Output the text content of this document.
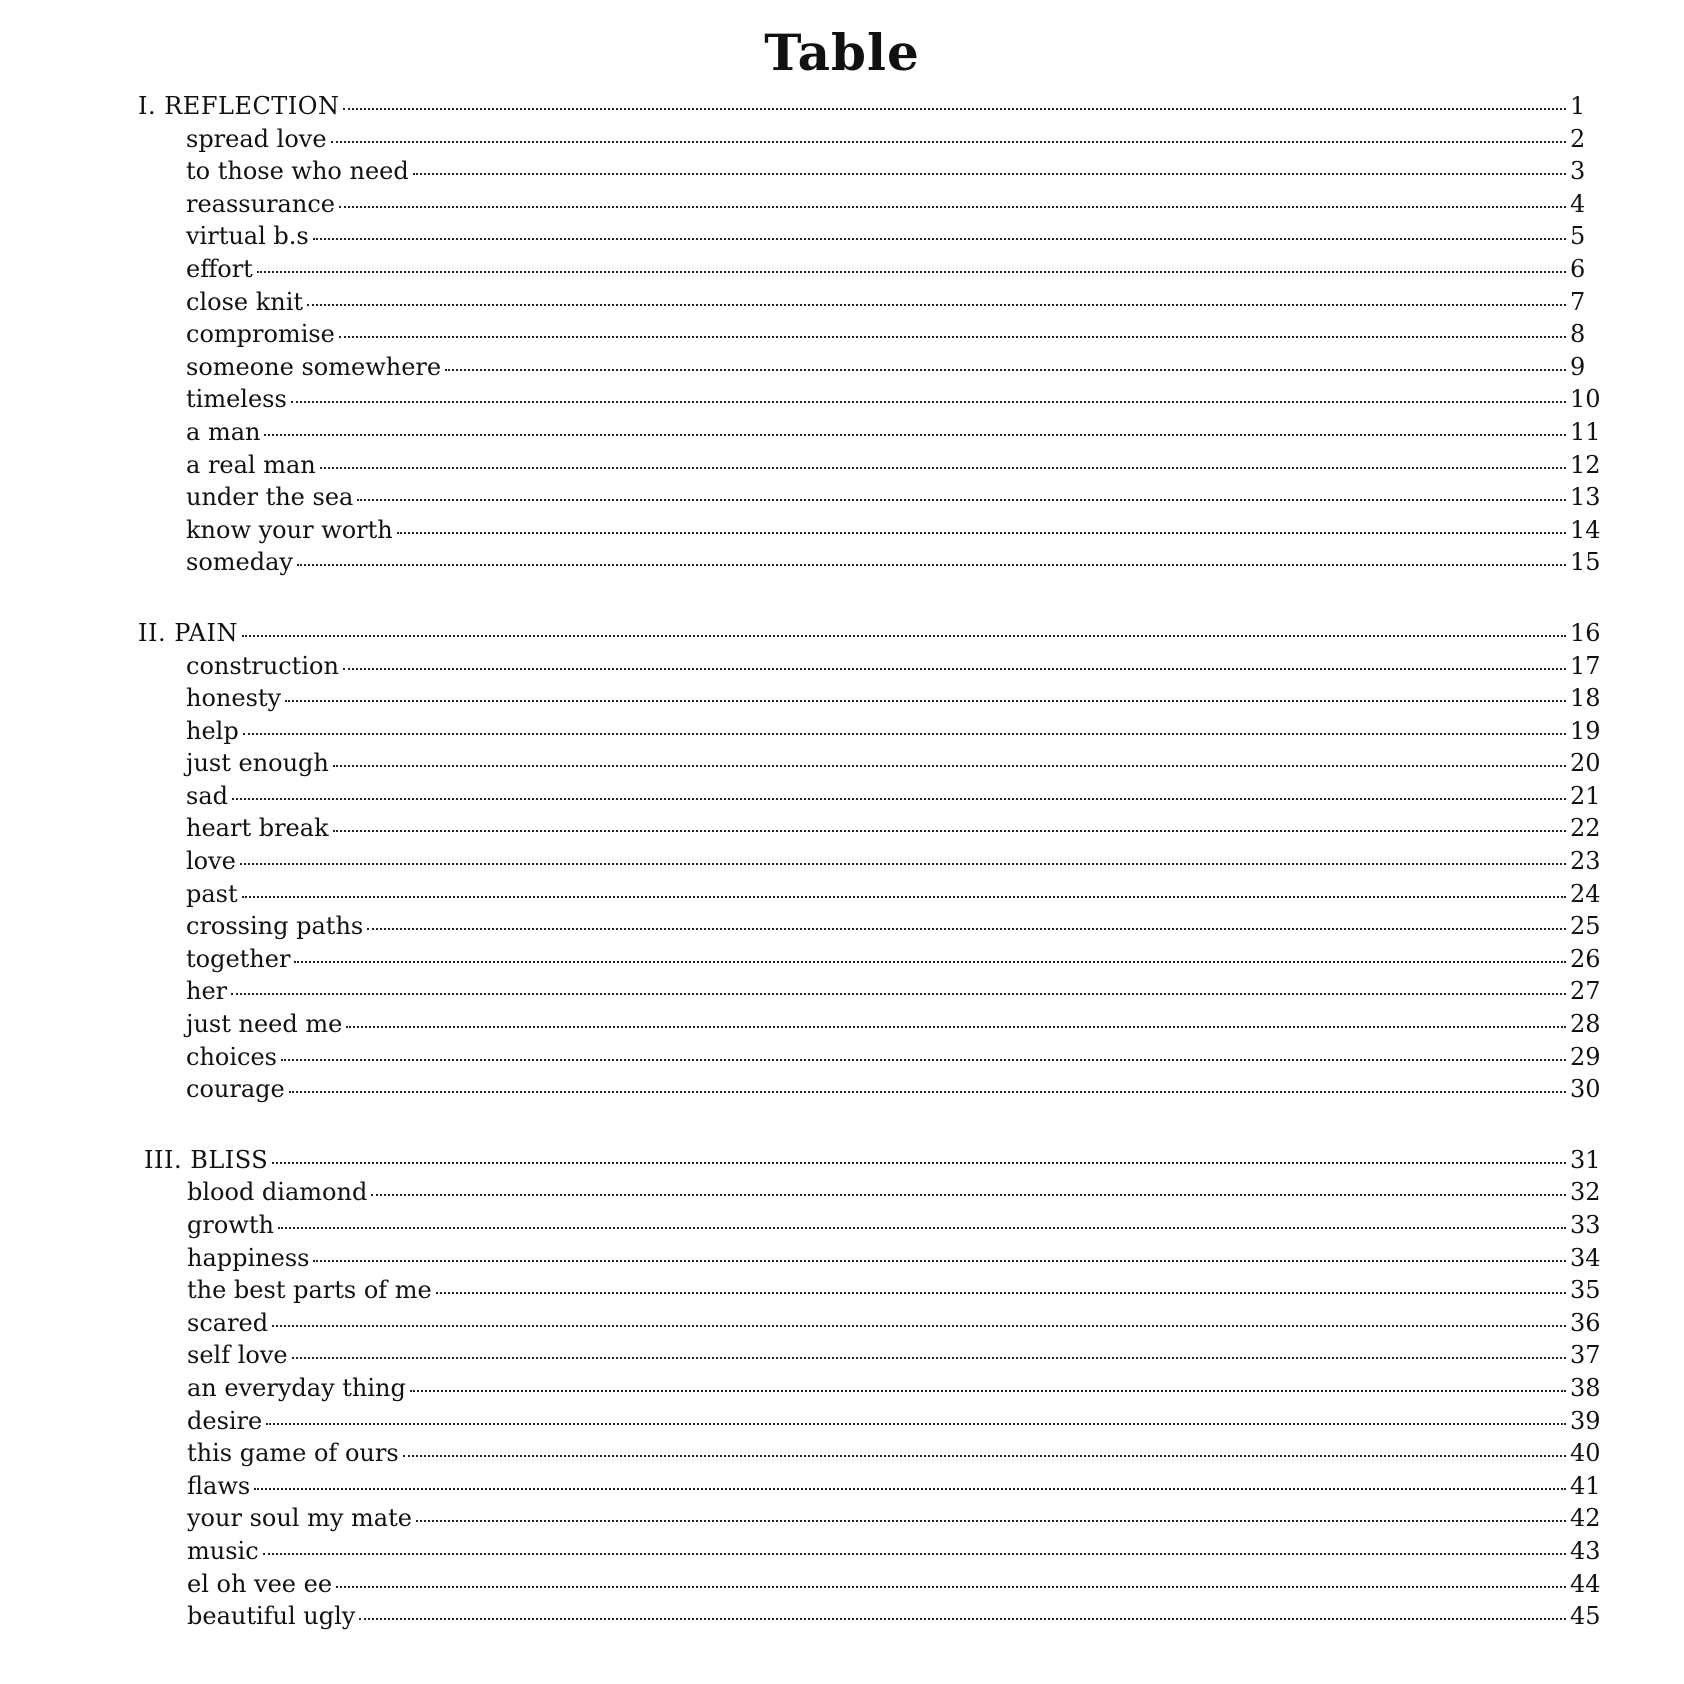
Table
I. REFLECTION	1
spread love	2
to those who need	3
reassurance	4
virtual b.s	5
effort	6
close knit	7
compromise	8
someone somewhere	9
timeless	10
a man	11
a real man	12
under the sea	13
know your worth	14
someday	15
II. PAIN	16
construction	17
honesty	18
help	19
just enough	20
sad	21
heart break	22
love	23
past	24
crossing paths	25
together	26
her	27
just need me	28
choices	29
courage	30
III. BLISS	31
blood diamond	32
growth	33
happiness	34
the best parts of me	35
scared	36
self love	37
an everyday thing	38
desire	39
this game of ours	40
flaws	41
your soul my mate	42
music	43
el oh vee ee	44
beautiful ugly	45
